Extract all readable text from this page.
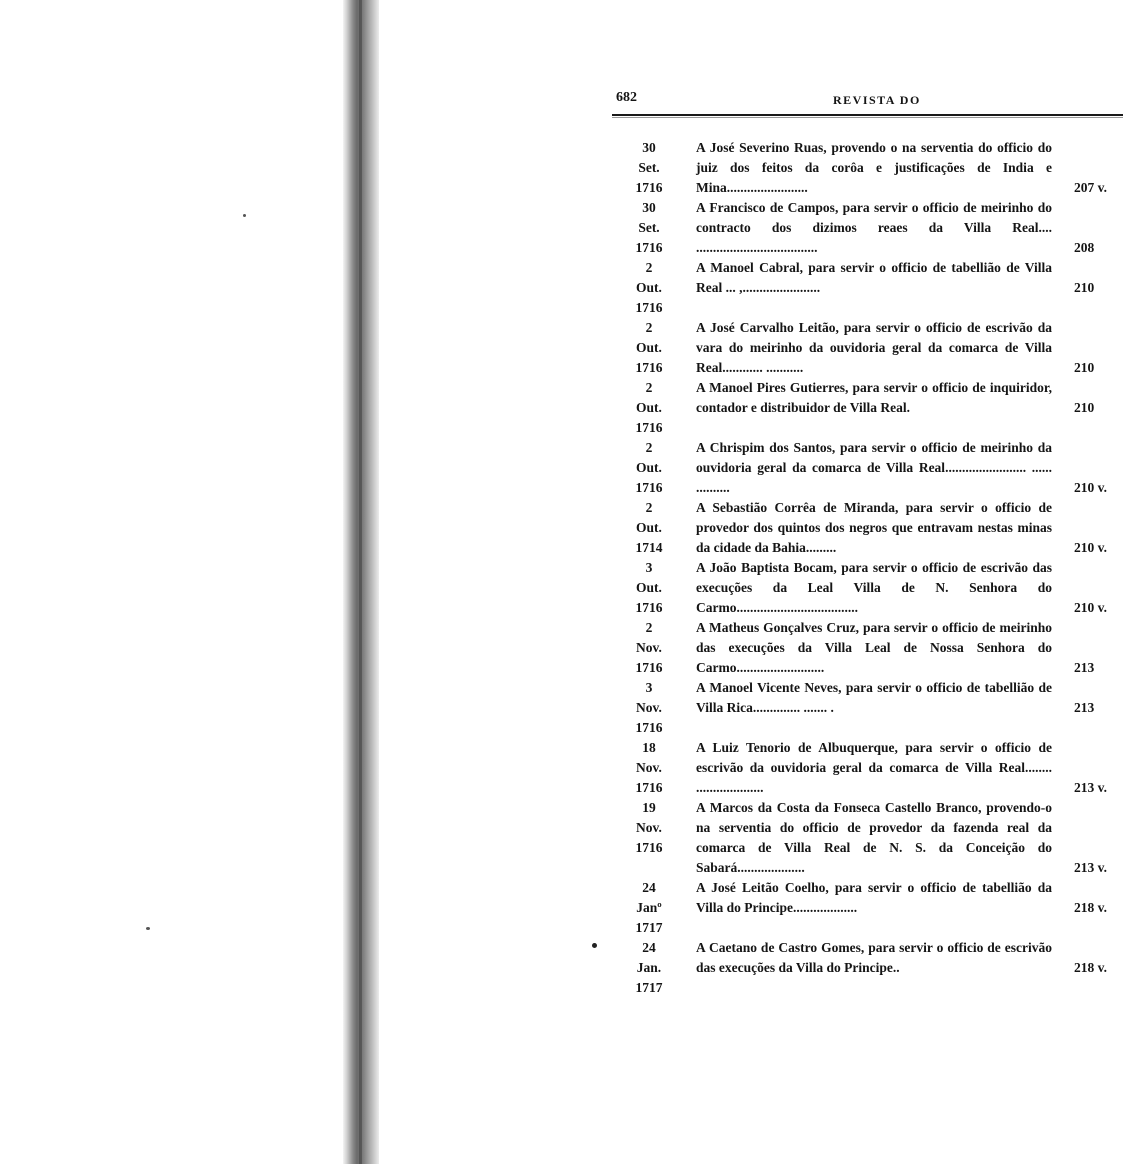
682	REVISTA DO
30
Set.
1716
A José Severino Ruas, provendo o na serventia do officio do juiz dos feitos da corôa e justificações de India e Mina........................	207 v.
30
Set.
1716
A Francisco de Campos, para servir o officio de meirinho do contracto dos dizimos reaes da Villa Real.... ....................................	208
2
Out.
1716
A Manoel Cabral, para servir o officio de tabellião de Villa Real ... ,.......................	210
2
Out.
1716
A José Carvalho Leitão, para servir o officio de escrivão da vara do meirinho da ouvidoria geral da comarca de Villa Real............ ...........	210
2
Out.
1716
A Manoel Pires Gutierres, para servir o officio de inquiridor, contador e distribuidor de Villa Real.	210
2
Out.
1716
A Chrispim dos Santos, para servir o officio de meirinho da ouvidoria geral da comarca de Villa Real........................ ...... ..........	210 v.
2
Out.
1714
A Sebastião Corrêa de Miranda, para servir o officio de provedor dos quintos dos negros que entravam nestas minas da cidade da Bahia.........	210 v.
3
Out.
1716
A João Baptista Bocam, para servir o officio de escrivão das execuções da Leal Villa de N. Senhora do Carmo....................................	210 v.
2
Nov.
1716
A Matheus Gonçalves Cruz, para servir o officio de meirinho das execuções da Villa Leal de Nossa Senhora do Carmo..........................	213
3
Nov.
1716
A Manoel Vicente Neves, para servir o officio de tabellião de Villa Rica.............. ....... .	213
18
Nov.
1716
A Luiz Tenorio de Albuquerque, para servir o officio de escrivão da ouvidoria geral da comarca de Villa Real........ ....................	213 v.
19
Nov.
1716
A Marcos da Costa da Fonseca Castello Branco, provendo-o na serventia do officio de provedor da fazenda real da comarca de Villa Real de N. S. da Conceição do Sabará....................	213 v.
24
Janº
1717
A José Leitão Coelho, para servir o officio de tabellião da Villa do Principe...................	218 v.
24
Jan.
1717
A Caetano de Castro Gomes, para servir o officio de escrivão das execuções da Villa do Principe..	218 v.
